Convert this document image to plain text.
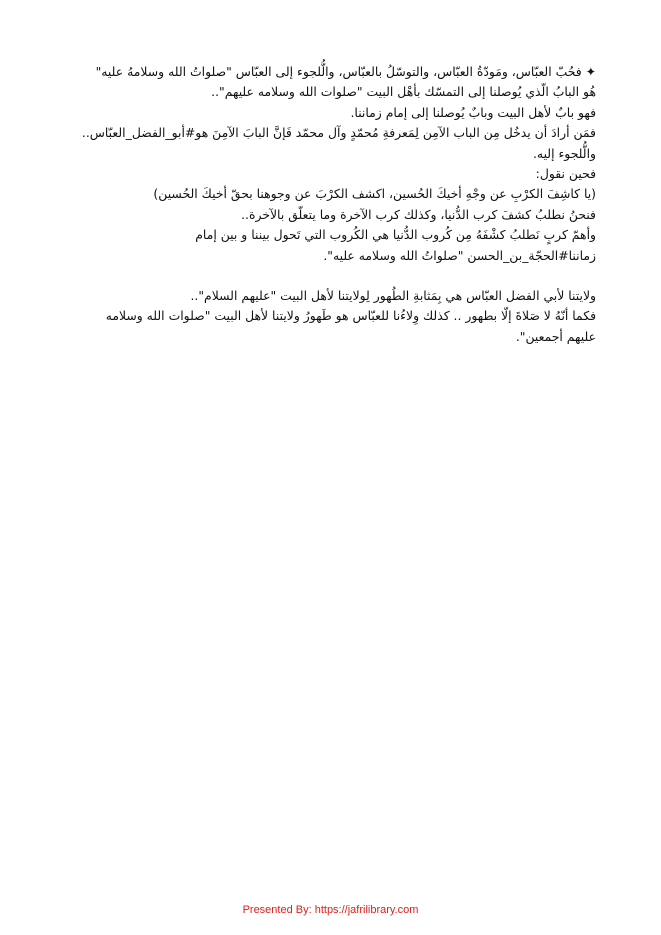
✦ فحُبّ العبّاس، ومَودّةُ العبّاس، والتوسّلُ بالعبّاس، والُّلجوء إلى العبّاس "صلواتُ الله وسلامهُ عليه" هُو البابُ الّذي يُوصلنا إلى التمسّك بأهْل البيت "صلوات الله وسلامه عليهم"..

فهو بابٌ لأهل البيت وبابٌ يُوصلنا إلى إمام زماننا.

فمَن أرادَ أن يدخُل مِن الباب الآمِن لِمَعرفةِ مُحمّدٍ وآل محمّد فَإنَّ البابَ الآمِنَ هو#أبو_الفضل_العبّاس.. والُّلجوء إليه.

فحين نقول:

(يا كاشِفَ الكرْبِ عن وجْهِ أخيكَ الحُسين، اكشف الكرْبَ عن وجوهنا بحقّ أخيكَ الحُسين)

فنحنُ نطلبُ كشفَ كرب الدُّنيا، وكذلك كرب الآخرة وما يتعلّق بالآخرة..

وأهمّ كربٍ نَطلبُ كشْفَهُ مِن كُروب الدُّنيا هي الكُروب التي تَحول بيننا و بين إمام زماننا#الحجّة_بن_الحسن "صلواتُ الله وسلامه عليه".

ولايتنا لأبي الفضل العبّاس هي بِمَثابةِ الطُهور لِولايتنا لأهل البيت "عليهم السلام"..

فكما أنّهُ لا صَلاةَ إلّا بطهور .. كذلك وِلاءُنا للعبّاس هو طَهورُ ولايتنا لأهل البيت "صلوات الله وسلامه عليهم أجمعين".

Presented By: https://jafrilibrary.com
